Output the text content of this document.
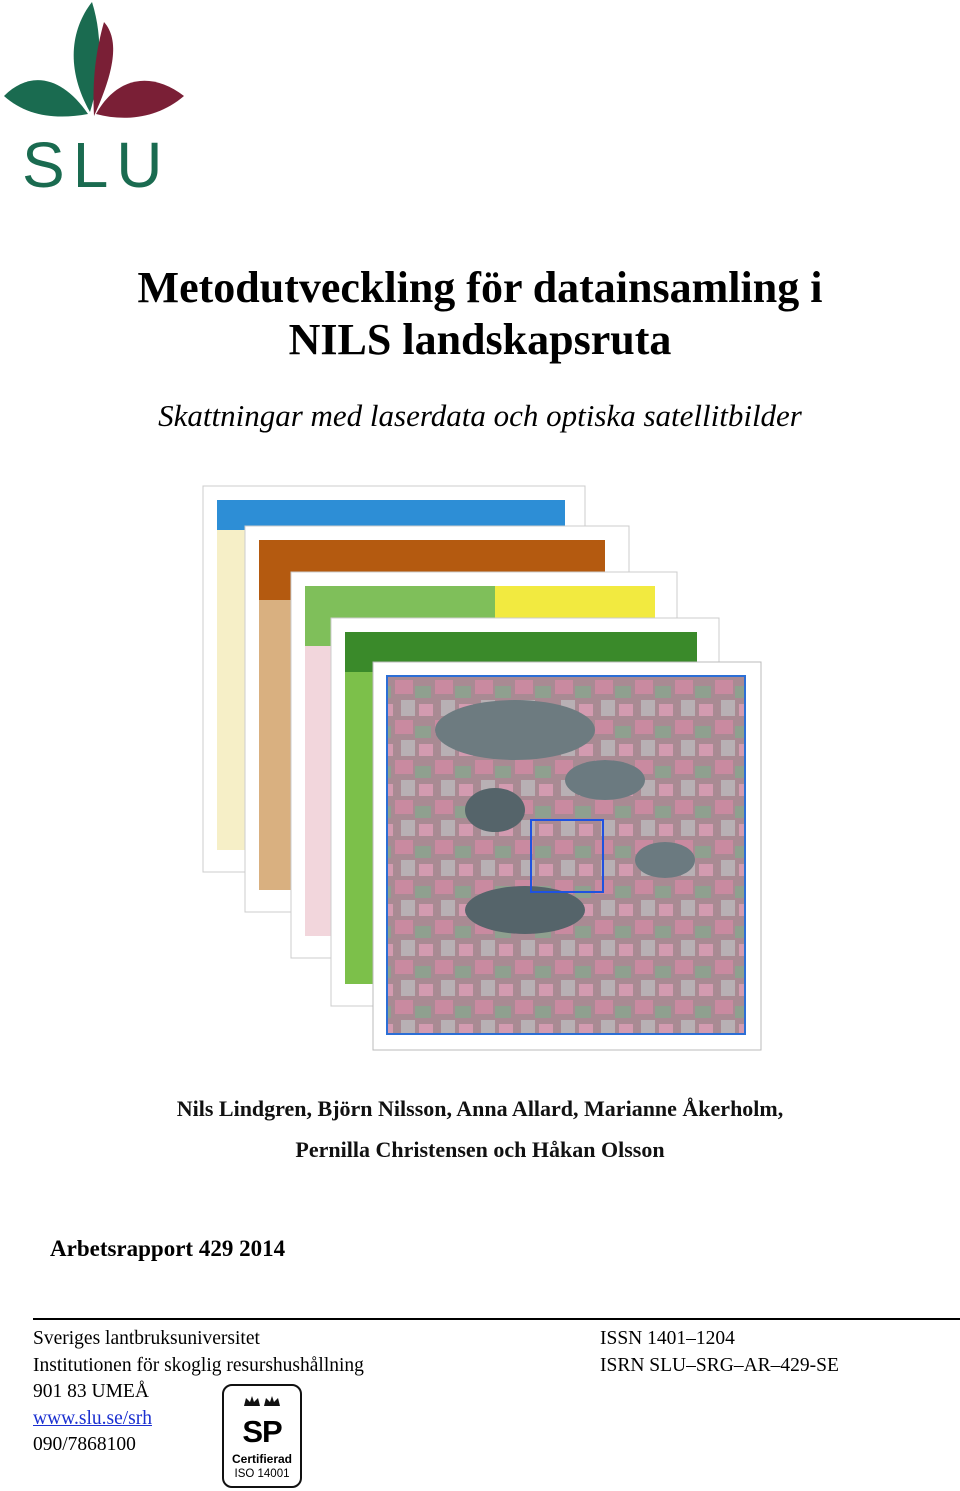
SLU
Metodutveckling för datainsamling i
NILS landskapsruta
Skattningar med laserdata och optiska satellitbilder
Nils Lindgren, Björn Nilsson, Anna Allard, Marianne Åkerholm,
Pernilla Christensen och Håkan Olsson
Arbetsrapport 429 2014
Sveriges lantbruksuniversitet
Institutionen för skoglig resurshushållning
901 83 UMEÅ
www.slu.se/srh
090/7868100
ISSN 1401–1204
ISRN SLU–SRG–AR–429-SE
SP
Certifierad
ISO 14001
